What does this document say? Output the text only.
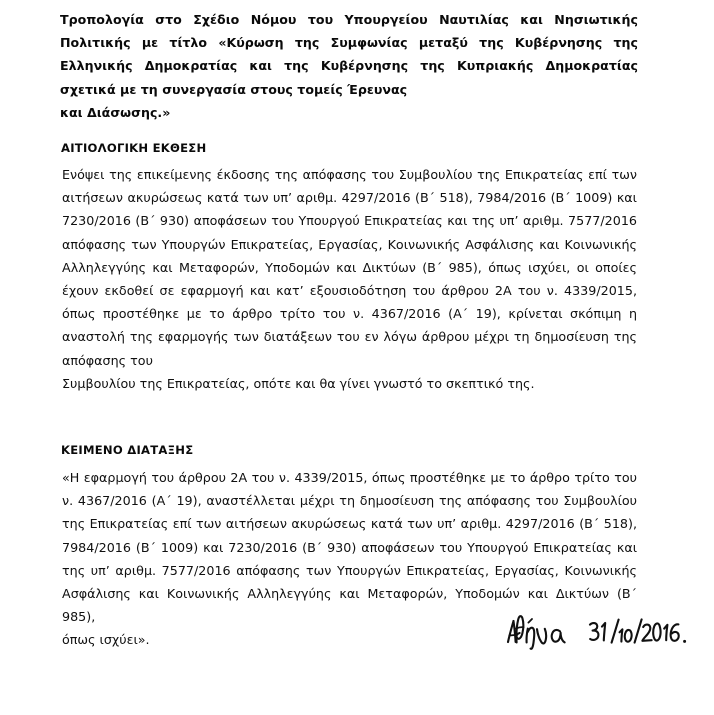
Τροπολογία στο Σχέδιο Νόμου του Υπουργείου Ναυτιλίας και Νησιωτικής Πολιτικής με τίτλο «Κύρωση της Συμφωνίας μεταξύ της Κυβέρνησης της Ελληνικής Δημοκρατίας και της Κυβέρνησης της Κυπριακής Δημοκρατίας σχετικά με τη συνεργασία στους τομείς Έρευνας
και Διάσωσης.»

ΑΙΤΙΟΛΟΓΙΚΗ ΕΚΘΕΣΗ

Ενόψει της επικείμενης έκδοσης της απόφασης του Συμβουλίου της Επικρατείας επί των αιτήσεων ακυρώσεως κατά των υπ’ αριθμ. 4297/2016 (Β΄ 518), 7984/2016 (Β΄ 1009) και 7230/2016 (Β΄ 930) αποφάσεων του Υπουργού Επικρατείας και της υπ’ αριθμ. 7577/2016 απόφασης των Υπουργών Επικρατείας, Εργασίας, Κοινωνικής Ασφάλισης και Κοινωνικής Αλληλεγγύης και Μεταφορών, Υποδομών και Δικτύων (Β΄ 985), όπως ισχύει, οι οποίες έχουν εκδοθεί σε εφαρμογή και κατ’ εξουσιοδότηση του άρθρου 2Α του ν. 4339/2015, όπως προστέθηκε με το άρθρο τρίτο του ν. 4367/2016 (Α΄ 19), κρίνεται σκόπιμη η αναστολή της εφαρμογής των διατάξεων του εν λόγω άρθρου μέχρι τη δημοσίευση της απόφασης του
Συμβουλίου της Επικρατείας, οπότε και θα γίνει γνωστό το σκεπτικό της.

ΚΕΙΜΕΝΟ ΔΙΑΤΑΞΗΣ

«Η εφαρμογή του άρθρου 2Α του ν. 4339/2015, όπως προστέθηκε με το άρθρο τρίτο του ν. 4367/2016 (Α΄ 19), αναστέλλεται μέχρι τη δημοσίευση της απόφασης του Συμβουλίου της Επικρατείας επί των αιτήσεων ακυρώσεως κατά των υπ’ αριθμ. 4297/2016 (Β΄ 518), 7984/2016 (Β΄ 1009) και 7230/2016 (Β΄ 930) αποφάσεων του Υπουργού Επικρατείας και της υπ’ αριθμ. 7577/2016 απόφασης των Υπουργών Επικρατείας, Εργασίας, Κοινωνικής Ασφάλισης και Κοινωνικής Αλληλεγγύης και Μεταφορών, Υποδομών και Δικτύων (Β΄ 985),
όπως ισχύει».
